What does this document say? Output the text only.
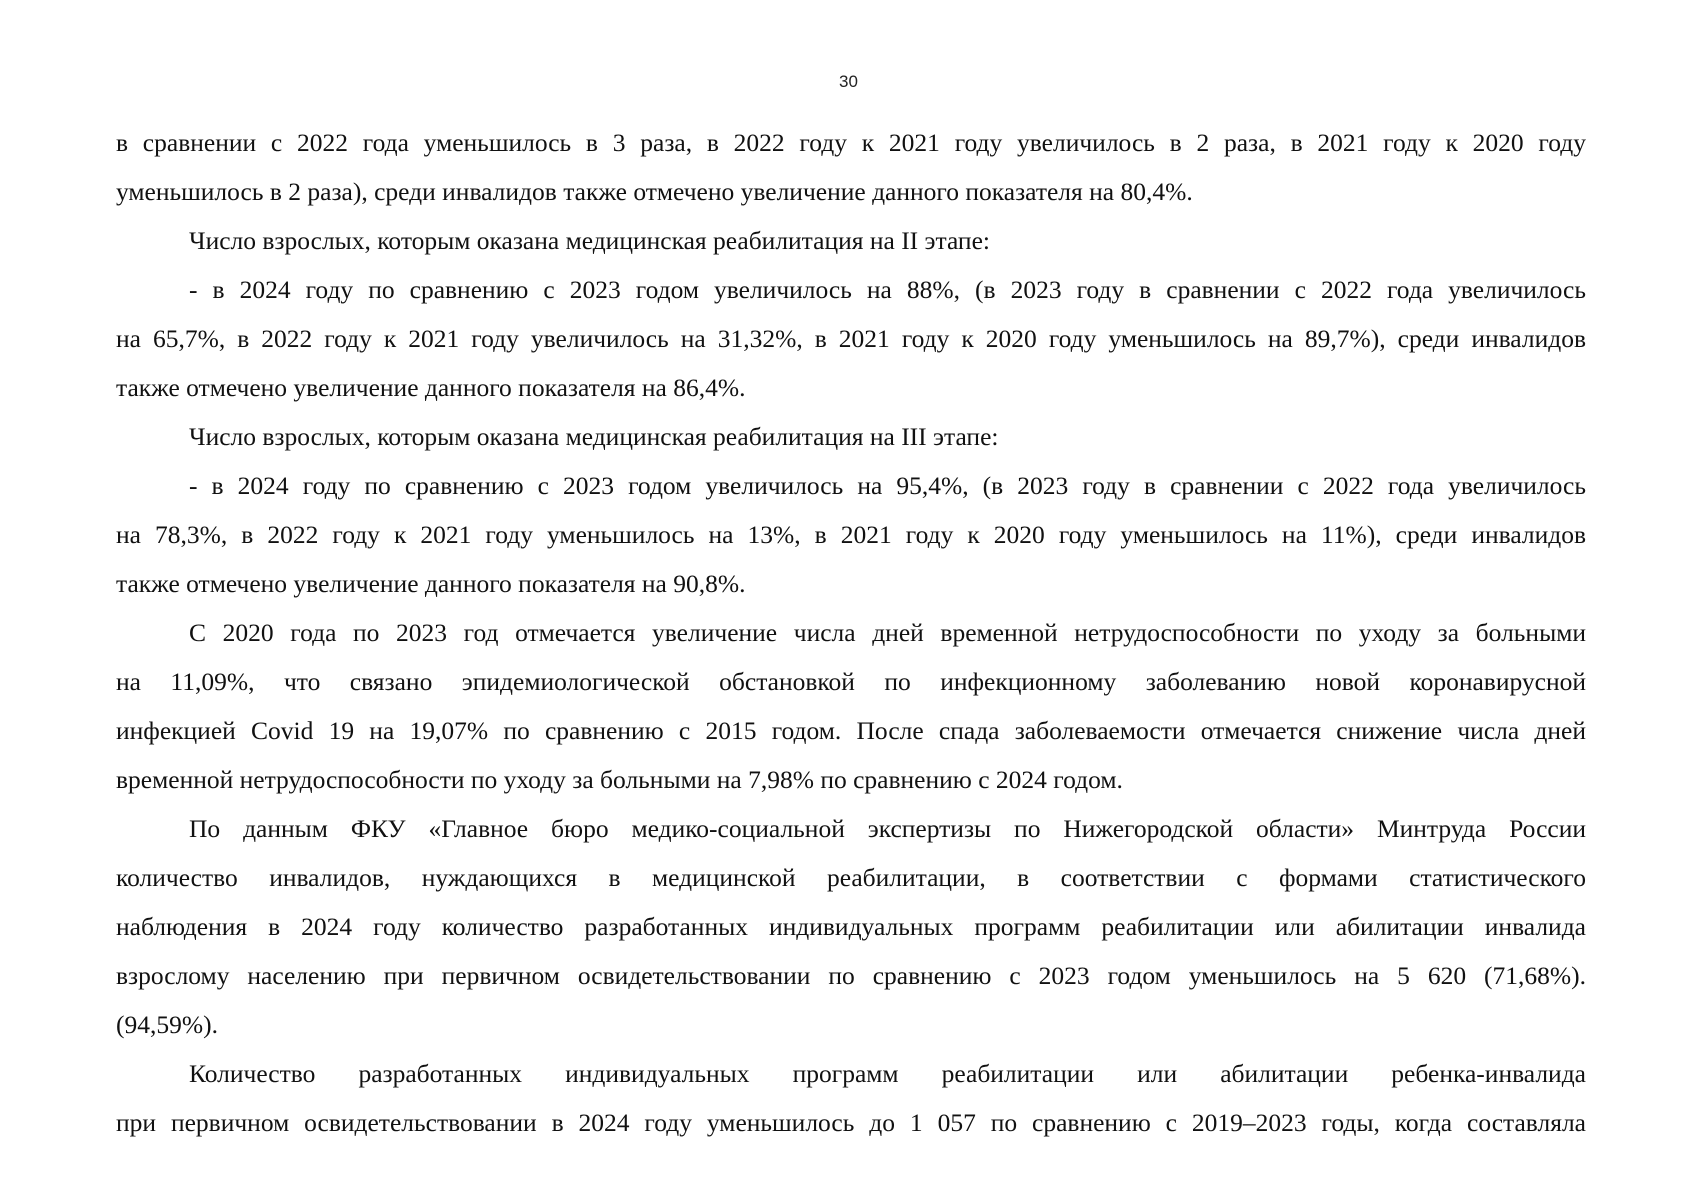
30
в сравнении с 2022 года уменьшилось в 3 раза, в 2022 году к 2021 году увеличилось в 2 раза, в 2021 году к 2020 году
уменьшилось в 2 раза), среди инвалидов также отмечено увеличение данного показателя на 80,4%.
Число взрослых, которым оказана медицинская реабилитация на II этапе:
- в 2024 году по сравнению с 2023 годом увеличилось на 88%, (в 2023 году в сравнении с 2022 года увеличилось
на 65,7%, в 2022 году к 2021 году увеличилось на 31,32%, в 2021 году к 2020 году уменьшилось на 89,7%), среди инвалидов
также отмечено увеличение данного показателя на 86,4%.
Число взрослых, которым оказана медицинская реабилитация на III этапе:
- в 2024 году по сравнению с 2023 годом увеличилось на 95,4%, (в 2023 году в сравнении с 2022 года увеличилось
на 78,3%, в 2022 году к 2021 году уменьшилось на 13%, в 2021 году к 2020 году уменьшилось на 11%), среди инвалидов
также отмечено увеличение данного показателя на 90,8%.
С 2020 года по 2023 год отмечается увеличение числа дней временной нетрудоспособности по уходу за больными
на 11,09%, что связано эпидемиологической обстановкой по инфекционному заболеванию новой коронавирусной
инфекцией Covid 19 на 19,07% по сравнению с 2015 годом. После спада заболеваемости отмечается снижение числа дней
временной нетрудоспособности по уходу за больными на 7,98% по сравнению с 2024 годом.
По данным ФКУ «Главное бюро медико-социальной экспертизы по Нижегородской области» Минтруда России
количество инвалидов, нуждающихся в медицинской реабилитации, в соответствии с формами статистического
наблюдения в 2024 году количество разработанных индивидуальных программ реабилитации или абилитации инвалида
взрослому населению при первичном освидетельствовании по сравнению с 2023 годом уменьшилось на 5 620 (71,68%).
(94,59%).
Количество разработанных индивидуальных программ реабилитации или абилитации ребенка-инвалида
при первичном освидетельствовании в 2024 году уменьшилось до 1 057 по сравнению с 2019–2023 годы, когда составляла
